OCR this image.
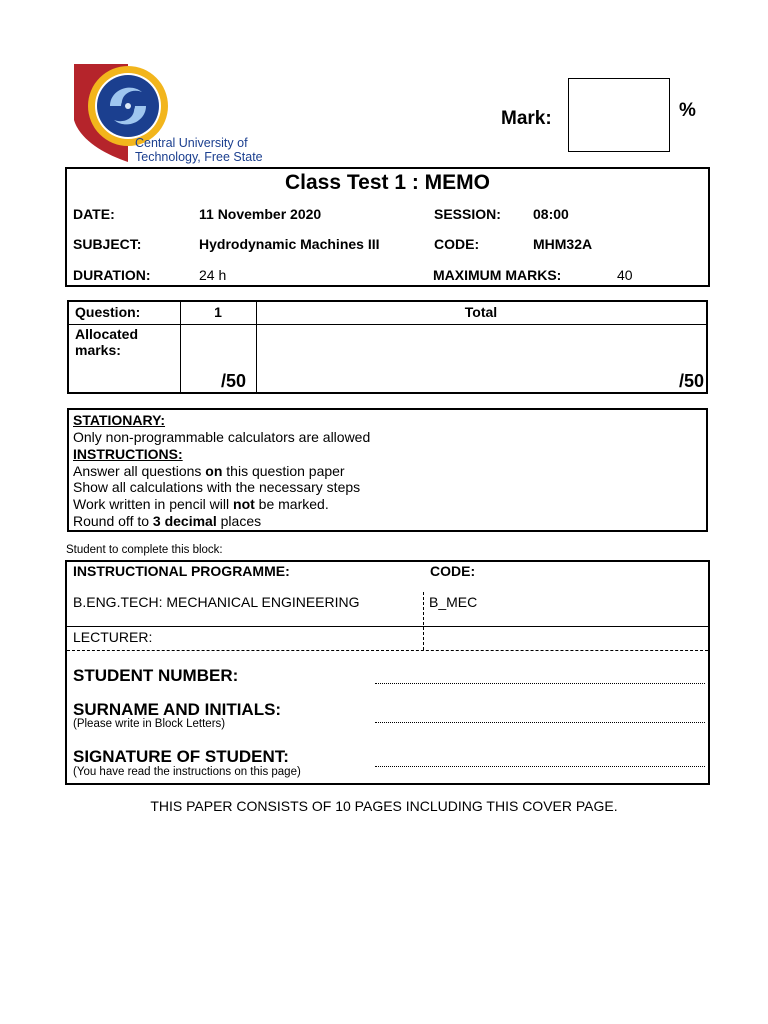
Central University of
Technology, Free State
Mark:	%
Class Test 1 : MEMO
DATE:	11 November 2020	SESSION: 08:00
SUBJECT:	Hydrodynamic Machines III	CODE:	MHM32A
DURATION:	24 h	MAXIMUM MARKS:	40
Question:	1	Total
Allocated
marks:
/50	/50
STATIONARY:
Only non-programmable calculators are allowed
INSTRUCTIONS:
Answer all questions on this question paper
Show all calculations with the necessary steps
Work written in pencil will not be marked.
Round off to 3 decimal places
Student to complete this block:
INSTRUCTIONAL PROGRAMME:	CODE:
B.ENG.TECH: MECHANICAL ENGINEERING	B_MEC
LECTURER:
STUDENT NUMBER:
SURNAME AND INITIALS:
(Please write in Block Letters)
SIGNATURE OF STUDENT:
(You have read the instructions on this page)
THIS PAPER CONSISTS OF 10 PAGES INCLUDING THIS COVER PAGE.
